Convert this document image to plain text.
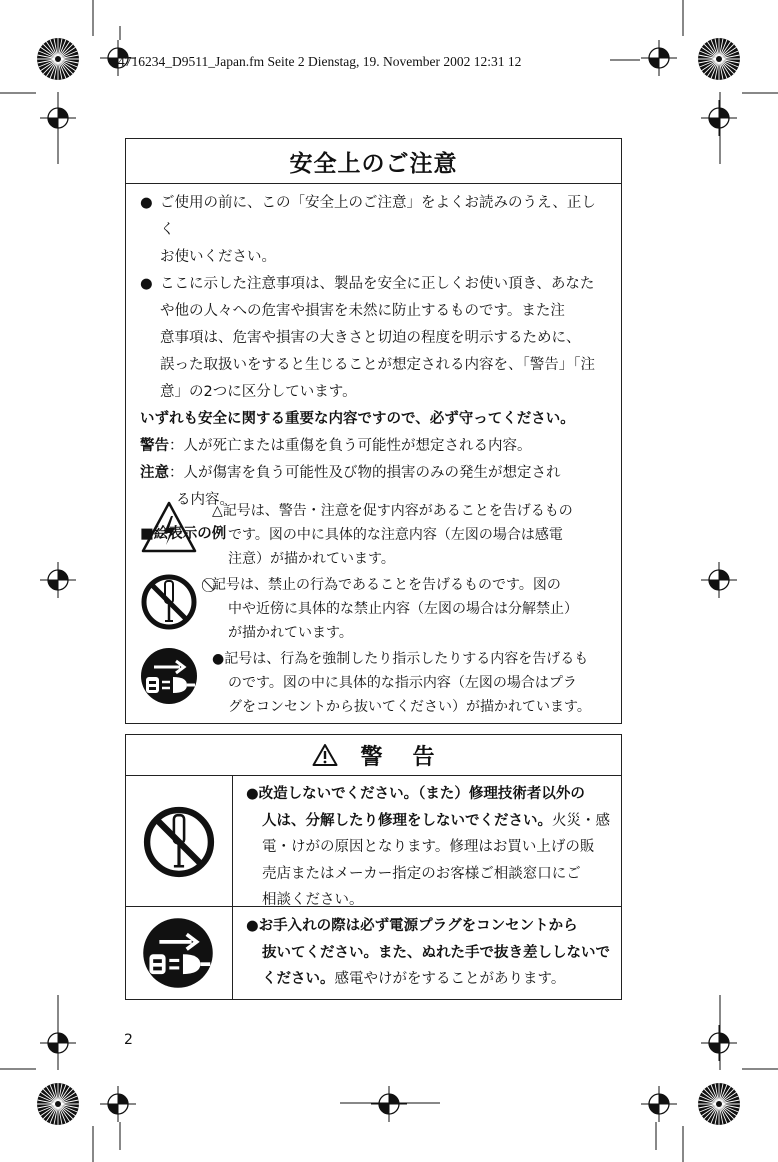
4716234_D9511_Japan.fm Seite 2 Dienstag, 19. November 2002 12:31 12
安全上のご注意
● ご使用の前に、この「安全上のご注意」をよくお読みのうえ、正しく
お使いください。
● ここに示した注意事項は、製品を安全に正しくお使い頂き、あなた
や他の人々への危害や損害を未然に防止するものです。また注
意事項は、危害や損害の大きさと切迫の程度を明示するために、
誤った取扱いをすると生じることが想定される内容を、「警告」「注
意」の2つに区分しています。
いずれも安全に関する重要な内容ですので、必ず守ってください。
警告 ：人が死亡または重傷を負う可能性が想定される内容。
注意 ：人が傷害を負う可能性及び物的損害のみの発生が想定され
る内容。
■絵表示の例
△記号は、警告・注意を促す内容があることを告げるもの
です。図の中に具体的な注意内容（左図の場合は感電
注意）が描かれています。
⃠記号は、禁止の行為であることを告げるものです。図の
中や近傍に具体的な禁止内容（左図の場合は分解禁止）
が描かれています。
●記号は、行為を強制したり指示したりする内容を告げるも
のです。図の中に具体的な指示内容（左図の場合はプラ
グをコンセントから抜いてください）が描かれています。
警 告
●改造しないでください。（また）修理技術者以外の
人は、分解したり修理をしないでください。火災・感
電・けがの原因となります。修理はお買い上げの販
売店またはメーカー指定のお客様ご相談窓口にご
相談ください。
●お手入れの際は必ず電源プラグをコンセントから
抜いてください。また、ぬれた手で抜き差ししないで
ください。感電やけがをすることがあります。
2
